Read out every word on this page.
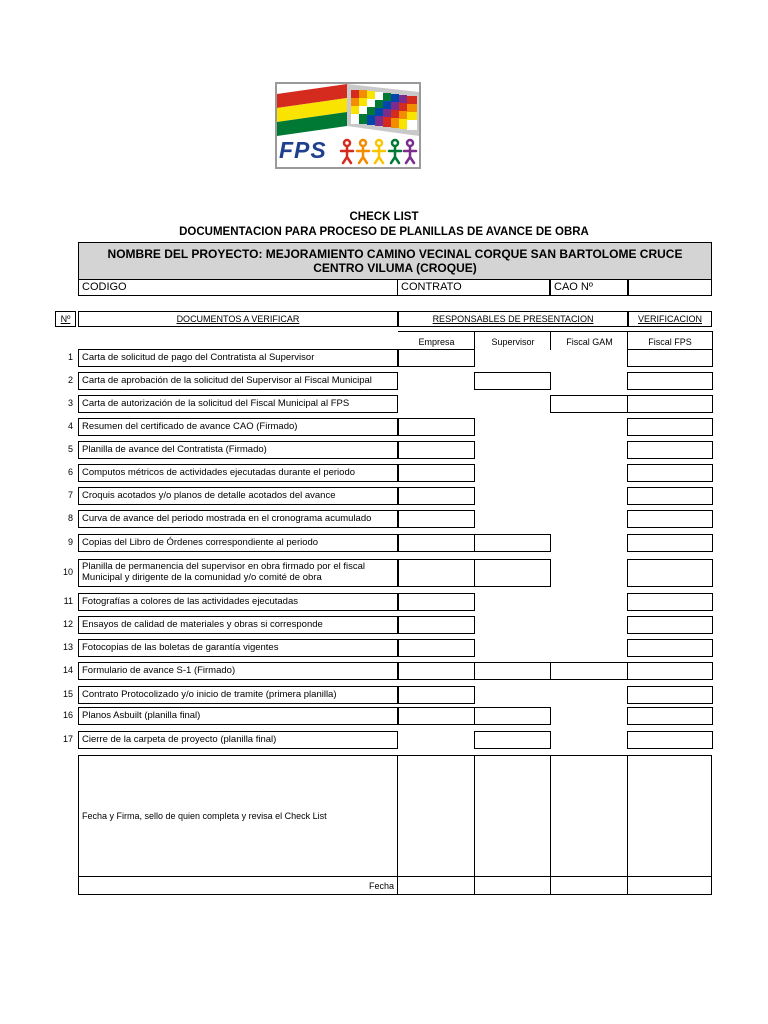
FPS
CHECK LIST
DOCUMENTACION PARA PROCESO DE PLANILLAS DE AVANCE DE OBRA
NOMBRE DEL PROYECTO: MEJORAMIENTO CAMINO VECINAL CORQUE SAN BARTOLOME CRUCE CENTRO VILUMA (CROQUE)
CODIGO	CONTRATO	CAO Nº
Nº	DOCUMENTOS A VERIFICAR	RESPONSABLES DE PRESENTACION	VERIFICACION
Empresa	Supervisor	Fiscal GAM	Fiscal FPS
1 Carta de solicitud de pago del Contratista al Supervisor
2 Carta de aprobación de la solicitud del Supervisor al Fiscal Municipal
3 Carta de autorización de la solicitud del Fiscal Municipal al FPS
4 Resumen del certificado de avance CAO (Firmado)
5 Planilla de avance del Contratista (Firmado)
6 Computos métricos de actividades ejecutadas durante el periodo
7 Croquis acotados y/o planos de detalle acotados del avance
8 Curva de avance del periodo mostrada en el cronograma acumulado
9 Copias del Libro de Órdenes correspondiente al periodo
10 Planilla de permanencia del supervisor en obra firmado por el fiscal Municipal y dirigente de la comunidad y/o comité de obra
11 Fotografías a colores de las actividades ejecutadas
12 Ensayos de calidad de materiales y obras si corresponde
13 Fotocopias de las boletas de garantía vigentes
14 Formulario de avance S-1 (Firmado)
15 Contrato Protocolizado y/o inicio de tramite (primera planilla)
16 Planos Asbuilt (planilla final)
17 Cierre de la carpeta de proyecto (planilla final)
Fecha y Firma, sello de quien completa y revisa el Check List
Fecha
